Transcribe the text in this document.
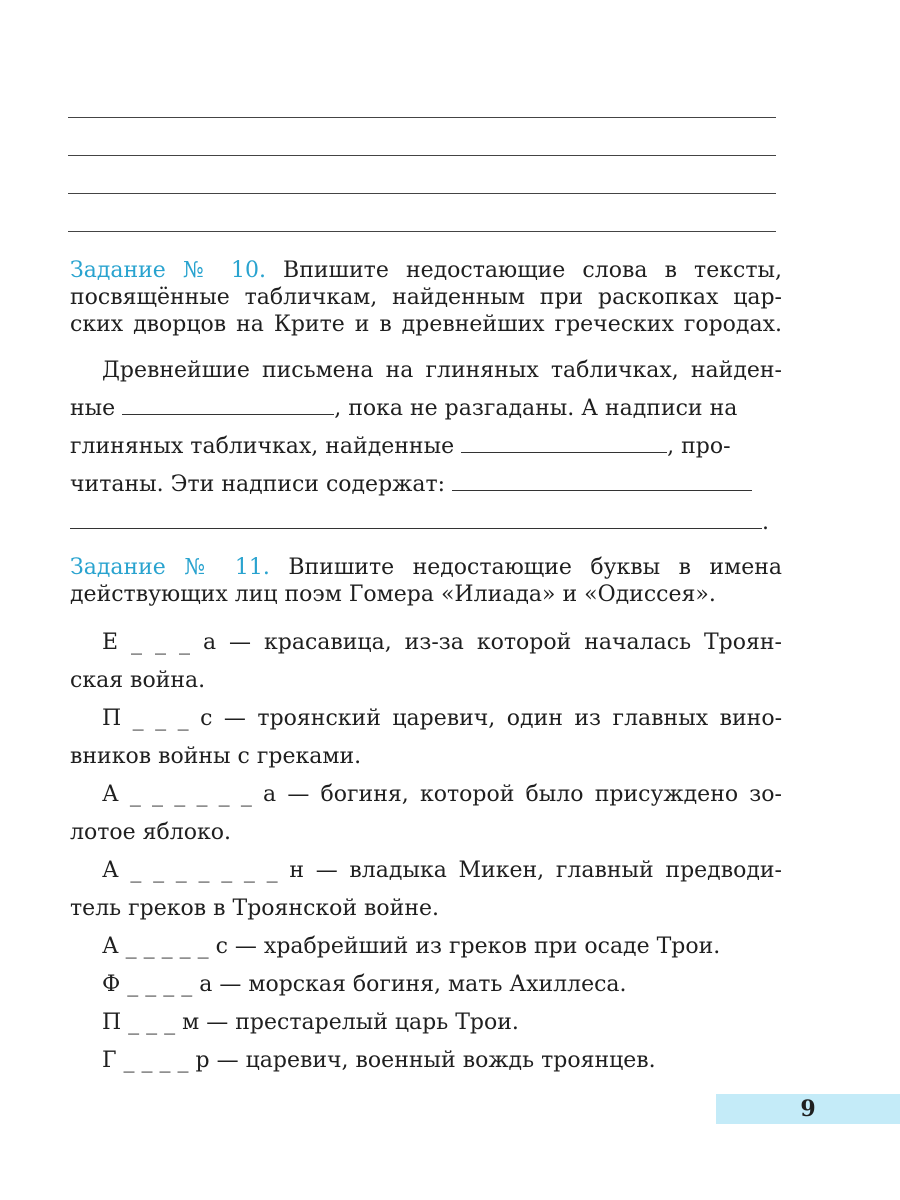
Задание № 10. Впишите недостающие слова в тексты,
посвящённые табличкам, найденным при раскопках цар-
ских дворцов на Крите и в древнейших греческих городах.
Древнейшие письмена на глиняных табличках, найден-
ные	, пока не разгаданы. А надписи на
глиняных табличках, найденные	, про-
читаны. Эти надписи содержат:
.
Задание № 11. Впишите недостающие буквы в имена
действующих лиц поэм Гомера «Илиада» и «Одиссея».
Е _ _ _ а — красавица, из-за которой началась Троян-
ская война.
П _ _ _ с — троянский царевич, один из главных вино-
вников войны с греками.
А _ _ _ _ _ _ а — богиня, которой было присуждено зо-
лотое яблоко.
А _ _ _ _ _ _ _ н — владыка Микен, главный предводи-
тель греков в Троянской войне.
А _ _ _ _ _ с — храбрейший из греков при осаде Трои.
Ф _ _ _ _ а — морская богиня, мать Ахиллеса.
П _ _ _ м — престарелый царь Трои.
Г _ _ _ _ р — царевич, военный вождь троянцев.
9
